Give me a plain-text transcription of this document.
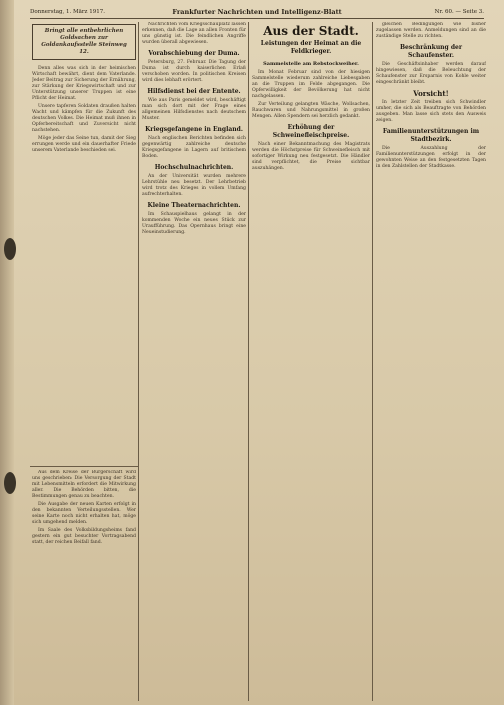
Donnerstag, 1. März 1917.	Frankfurter Nachrichten und Intelligenz-Blatt	Nr. 60. — Seite 3.
Bringt alle entbehrlichen Goldsachen zur Goldankaufsstelle Steinweg 12.

Denn alles was sich in der heimischen Wirtschaft bewährt, dient dem Vaterlande. Jeder Beitrag zur Sicherung der Ernährung, zur Stärkung der Kriegswirtschaft und zur Unterstützung unserer Truppen ist eine Pflicht der Heimat.

Unsere tapferen Soldaten draußen halten Wacht und kämpfen für die Zukunft des deutschen Volkes. Die Heimat muß ihnen in Opferbereitschaft und Zuversicht nicht nachstehen.

Möge jeder das Seine tun, damit der Sieg errungen werde und ein dauerhafter Friede unserem Vaterlande beschieden sei.

Aus dem Kreise der Bürgerschaft wird uns geschrieben: Die Versorgung der Stadt mit Lebensmitteln erfordert die Mitwirkung aller. Die Behörden bitten, die Bestimmungen genau zu beachten.

Die Ausgabe der neuen Karten erfolgt in den bekannten Verteilungsstellen. Wer seine Karte noch nicht erhalten hat, möge sich umgehend melden.

Im Saale des Volksbildungsheims fand gestern ein gut besuchter Vortragsabend statt, der reichen Beifall fand.

Nachrichten vom Kriegsschauplatz lassen erkennen, daß die Lage an allen Fronten für uns günstig ist. Die feindlichen Angriffe wurden überall abgewiesen.

Vorabschiebung der Duma.

Petersburg, 27. Februar. Die Tagung der Duma ist durch kaiserlichen Erlaß verschoben worden. In politischen Kreisen wird dies lebhaft erörtert.

Hilfsdienst bei der Entente.

Wie aus Paris gemeldet wird, beschäftigt man sich dort mit der Frage eines allgemeinen Hilfsdienstes nach deutschem Muster.

Kriegsgefangene in England.

Nach englischen Berichten befinden sich gegenwärtig zahlreiche deutsche Kriegsgefangene in Lagern auf britischem Boden.

Hochschulnachrichten.

An der Universität wurden mehrere Lehrstühle neu besetzt. Der Lehrbetrieb wird trotz des Krieges in vollem Umfang aufrechterhalten.

Kleine Theaternachrichten.

Im Schauspielhaus gelangt in der kommenden Woche ein neues Stück zur Uraufführung. Das Opernhaus bringt eine Neueinstudierung.

Aus der Stadt.
Leistungen der Heimat an die Feldkrieger.
Sammelstelle am Rebstockweiher.

Im Monat Februar sind von der hiesigen Sammelstelle wiederum zahlreiche Liebesgaben an die Truppen im Felde abgegangen. Die Opferwilligkeit der Bevölkerung hat nicht nachgelassen.

Zur Verteilung gelangten Wäsche, Wollsachen, Rauchwaren und Nahrungsmittel in großen Mengen. Allen Spendern sei herzlich gedankt.

Erhöhung der Schweinefleischpreise.

Nach einer Bekanntmachung des Magistrats werden die Höchstpreise für Schweinefleisch mit sofortiger Wirkung neu festgesetzt. Die Händler sind verpflichtet, die Preise sichtbar auszuhängen.

gleichen Bedingungen wie bisher zugelassen werden. Anmeldungen sind an die zuständige Stelle zu richten.

Beschränkung der Schaufenster.

Die Geschäftsinhaber werden darauf hingewiesen, daß die Beleuchtung der Schaufenster zur Ersparnis von Kohle weiter eingeschränkt bleibt.

Vorsicht!

In letzter Zeit treiben sich Schwindler umher, die sich als Beauftragte von Behörden ausgeben. Man lasse sich stets den Ausweis zeigen.

Familienunterstützungen im Stadtbezirk.

Die Auszahlung der Familienunterstützungen erfolgt in der gewohnten Weise an den festgesetzten Tagen in den Zahlstellen der Stadtkasse.
